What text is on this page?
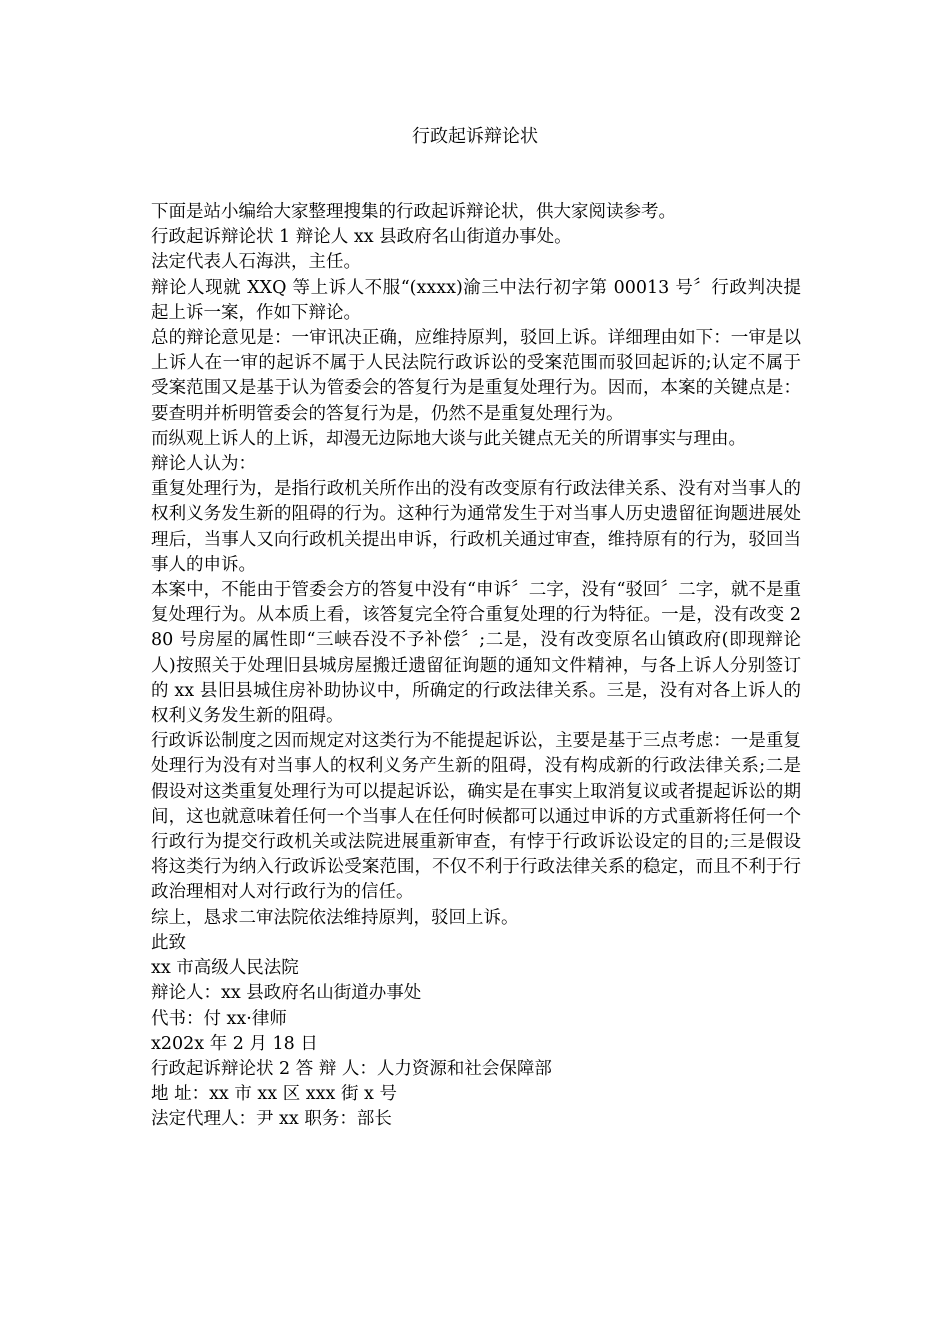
行政起诉辩论状

下面是站小编给大家整理搜集的行政起诉辩论状，供大家阅读参考。

行政起诉辩论状 1 辩论人 xx 县政府名山街道办事处。

法定代表人石海洪，主任。

辩论人现就 XXQ 等上诉人不服“(xxxx)渝三中法行初字第 00013 号〞行政判决提起上诉一案，作如下辩论。

总的辩论意见是：一审讯决正确，应维持原判，驳回上诉。详细理由如下：一审是以上诉人在一审的起诉不属于人民法院行政诉讼的受案范围而驳回起诉的;认定不属于受案范围又是基于认为管委会的答复行为是重复处理行为。因而，本案的关键点是：要查明并析明管委会的答复行为是，仍然不是重复处理行为。

而纵观上诉人的上诉，却漫无边际地大谈与此关键点无关的所谓事实与理由。

辩论人认为：

重复处理行为，是指行政机关所作出的没有改变原有行政法律关系、没有对当事人的权利义务发生新的阻碍的行为。这种行为通常发生于对当事人历史遗留征询题进展处理后，当事人又向行政机关提出申诉，行政机关通过审查，维持原有的行为，驳回当事人的申诉。

本案中，不能由于管委会方的答复中没有“申诉〞二字，没有“驳回〞二字，就不是重复处理行为。从本质上看，该答复完全符合重复处理的行为特征。一是，没有改变 280 号房屋的属性即“三峡吞没不予补偿〞;二是，没有改变原名山镇政府(即现辩论人)按照关于处理旧县城房屋搬迁遗留征询题的通知文件精神，与各上诉人分别签订的 xx 县旧县城住房补助协议中，所确定的行政法律关系。三是，没有对各上诉人的权利义务发生新的阻碍。

行政诉讼制度之因而规定对这类行为不能提起诉讼，主要是基于三点考虑：一是重复处理行为没有对当事人的权利义务产生新的阻碍，没有构成新的行政法律关系;二是假设对这类重复处理行为可以提起诉讼，确实是在事实上取消复议或者提起诉讼的期间，这也就意味着任何一个当事人在任何时候都可以通过申诉的方式重新将任何一个行政行为提交行政机关或法院进展重新审查，有悖于行政诉讼设定的目的;三是假设将这类行为纳入行政诉讼受案范围，不仅不利于行政法律关系的稳定，而且不利于行政治理相对人对行政行为的信任。

综上，恳求二审法院依法维持原判，驳回上诉。

此致

xx 市高级人民法院

辩论人：xx 县政府名山街道办事处

代书：付 xx·律师

x202x 年 2 月 18 日

行政起诉辩论状 2 答 辩 人：人力资源和社会保障部

地 址：xx 市 xx 区 xxx 街 x 号

法定代理人：尹 xx 职务：部长
